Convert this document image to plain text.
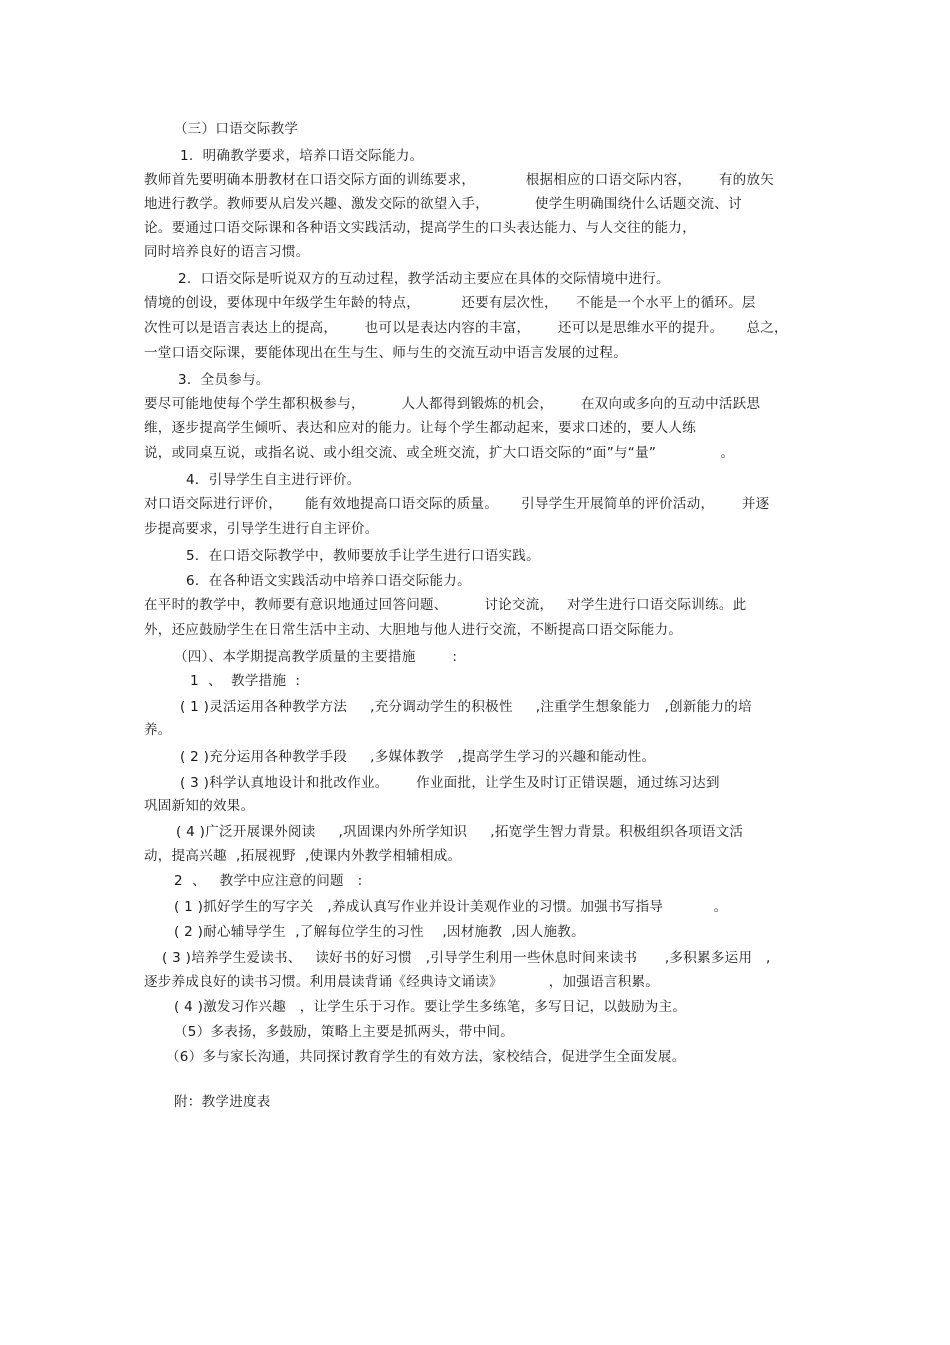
（三）口语交际教学
1.  明确教学要求，培养口语交际能力。
教师首先要明确本册教材在口语交际方面的训练要求，           根据相应的口语交际内容，      有的放矢
地进行教学。教师要从启发兴趣、激发交际的欲望入手，          使学生明确围绕什么话题交流、讨
论。要通过口语交际课和各种语文实践活动，提高学生的口头表达能力、与人交往的能力，
同时培养良好的语言习惯。
2.  口语交际是听说双方的互动过程，教学活动主要应在具体的交际情境中进行。
情境的创设，要体现中年级学生年龄的特点，         还要有层次性，    不能是一个水平上的循环。层
次性可以是语言表达上的提高，      也可以是表达内容的丰富，      还可以是思维水平的提升。     总之，
一堂口语交际课，要能体现出在生与生、师与生的交流互动中语言发展的过程。
3.  全员参与。
要尽可能地使每个学生都积极参与，        人人都得到锻炼的机会，      在双向或多向的互动中活跃思
维，逐步提高学生倾听、表达和应对的能力。让每个学生都动起来，要求口述的，要人人练
说，或同桌互说，或指名说、或小组交流、或全班交流，扩大口语交际的“面”与“量”              。
4．引导学生自主进行评价。
对口语交际进行评价，     能有效地提高口语交际的质量。     引导学生开展简单的评价活动，      并逐
步提高要求，引导学生进行自主评价。
5．在口语交际教学中，教师要放手让学生进行口语实践。
6．在各种语文实践活动中培养口语交际能力。
在平时的教学中，教师要有意识地通过回答问题、        讨论交流，   对学生进行口语交际训练。此
外，还应鼓励学生在日常生活中主动、大胆地与他人进行交流，不断提高口语交际能力。
（四）、本学期提高教学质量的主要措施        :
1  、  教学措施  :
( 1 )灵活运用各种教学方法     ,充分调动学生的积极性     ,注重学生想象能力   ,创新能力的培
养。
( 2 )充分运用各种教学手段     ,多媒体教学   ,提高学生学习的兴趣和能动性。
( 3 )科学认真地设计和批改作业。      作业面批，让学生及时订正错误题，通过练习达到
巩固新知的效果。
( 4 )广泛开展课外阅读     ,巩固课内外所学知识     ,拓宽学生智力背景。积极组织各项语文活
动，提高兴趣  ,拓展视野  ,使课内外教学相辅相成。
2  、   教学中应注意的问题   :
( 1 )抓好学生的写字关   ,养成认真写作业并设计美观作业的习惯。加强书写指导           。
( 2 )耐心辅导学生  ,了解每位学生的习性    ,因材施教  ,因人施教。
( 3 )培养学生爱读书、   读好书的好习惯   ,引导学生利用一些休息时间来读书      ,多积累多运用   ,
逐步养成良好的读书习惯。利用晨读背诵《经典诗文诵读》          ，加强语言积累。
( 4 )激发习作兴趣   ，让学生乐于习作。要让学生多练笔，多写日记，以鼓励为主。
（5）多表扬，多鼓励，策略上主要是抓两头，带中间。
（6）多与家长沟通，共同探讨教育学生的有效方法，家校结合，促进学生全面发展。
附：教学进度表
